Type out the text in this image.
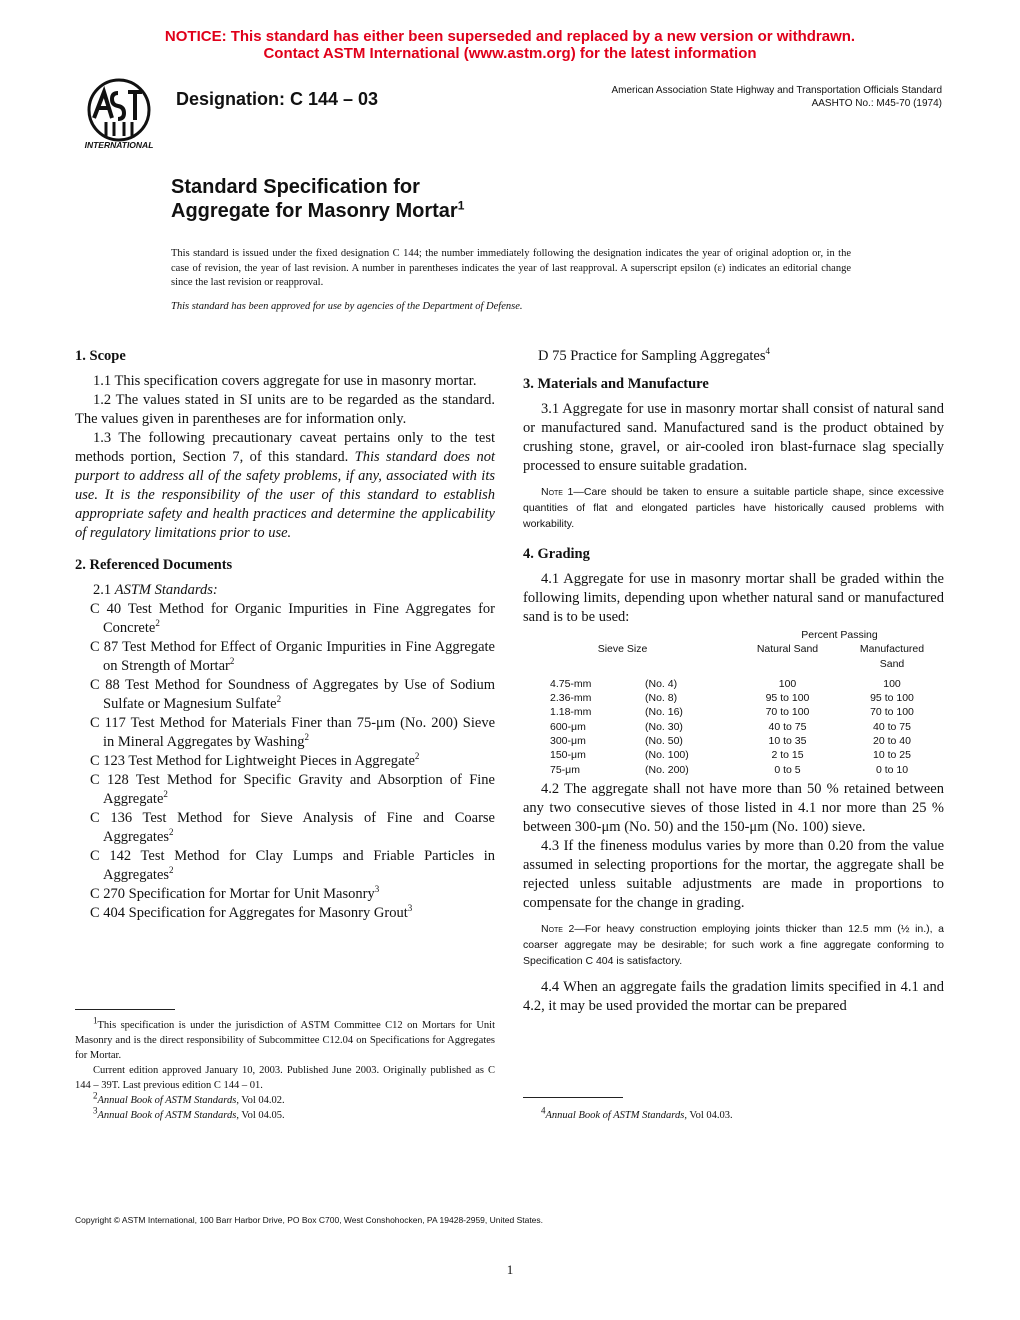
NOTICE: This standard has either been superseded and replaced by a new version or withdrawn.
Contact ASTM International (www.astm.org) for the latest information
INTERNATIONAL
Designation: C 144 – 03	American Association State Highway and Transportation Officials Standard
AASHTO No.: M45-70 (1974)
Standard Specification for
Aggregate for Masonry Mortar$^1$
This standard is issued under the fixed designation C 144; the number immediately following the designation indicates the year of original adoption or, in the case of revision, the year of last revision. A number in parentheses indicates the year of last reapproval. A superscript epsilon (ε) indicates an editorial change since the last revision or reapproval.
This standard has been approved for use by agencies of the Department of Defense.
1. Scope

1.1 This specification covers aggregate for use in masonry mortar.

1.2 The values stated in SI units are to be regarded as the standard. The values given in parentheses are for information only.

1.3 The following precautionary caveat pertains only to the test methods portion, Section 7, of this standard. This standard does not purport to address all of the safety problems, if any, associated with its use. It is the responsibility of the user of this standard to establish appropriate safety and health practices and determine the applicability of regulatory limitations prior to use.

2. Referenced Documents

2.1 ASTM Standards:

C 40 Test Method for Organic Impurities in Fine Aggregates for Concrete$^2$
C 87 Test Method for Effect of Organic Impurities in Fine Aggregate on Strength of Mortar$^2$
C 88 Test Method for Soundness of Aggregates by Use of Sodium Sulfate or Magnesium Sulfate$^2$
C 117 Test Method for Materials Finer than 75-μm (No. 200) Sieve in Mineral Aggregates by Washing$^2$
C 123 Test Method for Lightweight Pieces in Aggregate$^2$
C 128 Test Method for Specific Gravity and Absorption of Fine Aggregate$^2$
C 136 Test Method for Sieve Analysis of Fine and Coarse Aggregates$^2$
C 142 Test Method for Clay Lumps and Friable Particles in Aggregates$^2$
C 270 Specification for Mortar for Unit Masonry$^3$
C 404 Specification for Aggregates for Masonry Grout$^3$
D 75 Practice for Sampling Aggregates$^4$
3. Materials and Manufacture

3.1 Aggregate for use in masonry mortar shall consist of natural sand or manufactured sand. Manufactured sand is the product obtained by crushing stone, gravel, or air-cooled iron blast-furnace slag specially processed to ensure suitable gradation.

Note 1—Care should be taken to ensure a suitable particle shape, since excessive quantities of flat and elongated particles have historically caused problems with workability.

4. Grading

4.1 Aggregate for use in masonry mortar shall be graded within the following limits, depending upon whether natural sand or manufactured sand is to be used:

			Percent Passing	
	Sieve Size		Natural Sand	Manufactured
Sand

	4.75-mm	(No. 4)	100	100
	2.36-mm	(No. 8)	95 to 100	95 to 100
	1.18-mm	(No. 16)	70 to 100	70 to 100
	600-μm	(No. 30)	40 to 75	40 to 75
	300-μm	(No. 50)	10 to 35	20 to 40
	150-μm	(No. 100)	2 to 15	10 to 25
	75-μm	(No. 200)	0 to 5	0 to 10

4.2 The aggregate shall not have more than 50 % retained between any two consecutive sieves of those listed in 4.1 nor more than 25 % between 300-μm (No. 50) and the 150-μm (No. 100) sieve.

4.3 If the fineness modulus varies by more than 0.20 from the value assumed in selecting proportions for the mortar, the aggregate shall be rejected unless suitable adjustments are made in proportions to compensate for the change in grading.

Note 2—For heavy construction employing joints thicker than 12.5 mm (½ in.), a coarser aggregate may be desirable; for such work a fine aggregate conforming to Specification C 404 is satisfactory.

4.4 When an aggregate fails the gradation limits specified in 4.1 and 4.2, it may be used provided the mortar can be prepared

$^1$This specification is under the jurisdiction of ASTM Committee C12 on Mortars for Unit Masonry and is the direct responsibility of Subcommittee C12.04 on Specifications for Aggregates for Mortar.

Current edition approved January 10, 2003. Published June 2003. Originally published as C 144 – 39T. Last previous edition C 144 – 01.

$^2$Annual Book of ASTM Standards, Vol 04.02.

$^3$Annual Book of ASTM Standards, Vol 04.05.	$^4$Annual Book of ASTM Standards, Vol 04.03.

Copyright © ASTM International, 100 Barr Harbor Drive, PO Box C700, West Conshohocken, PA 19428-2959, United States.
1
